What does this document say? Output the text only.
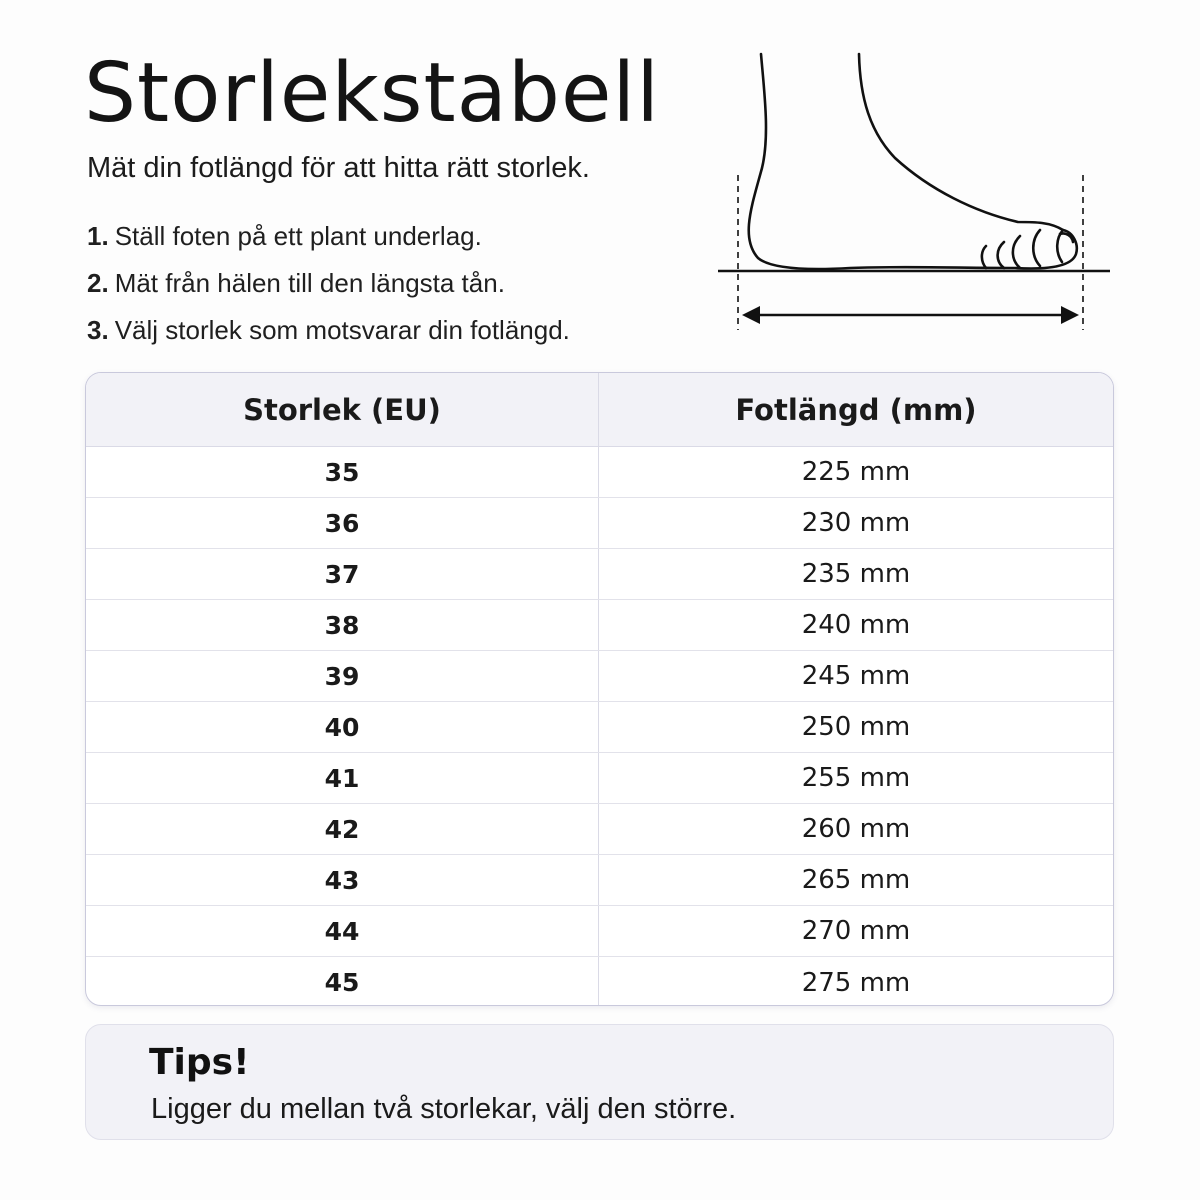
Storlekstabell

Mät din fotlängd för att hitta rätt storlek.

1. Ställ foten på ett plant underlag.
2. Mät från hälen till den längsta tån.
3. Välj storlek som motsvarar din fotlängd.
Storlek (EU)	Fotlängd (mm)
35	225 mm
36	230 mm
37	235 mm
38	240 mm
39	245 mm
40	250 mm
41	255 mm
42	260 mm
43	265 mm
44	270 mm
45	275 mm
Tips!
Ligger du mellan två storlekar, välj den större.
